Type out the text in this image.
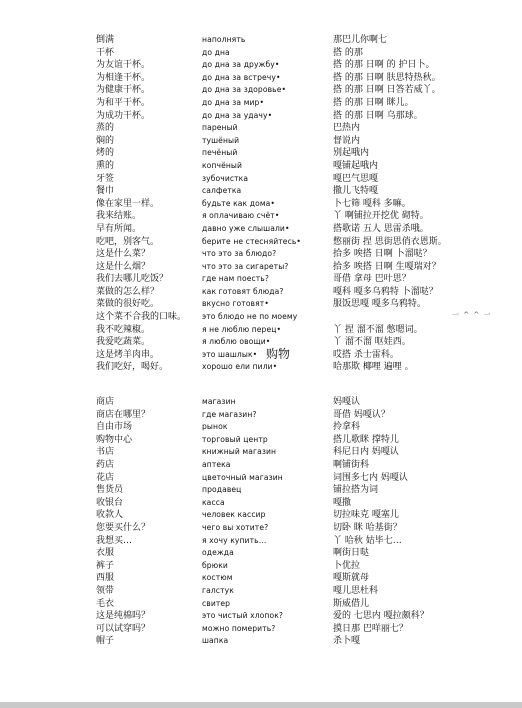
倒满
干杯
为友谊干杯。
为相逢干杯。
为健康干杯。
为和平干杯。
为成功干杯。
蒸的
焖的
烤的
熏的
牙签
餐巾
像在家里一样。
我来结账。
早有所闻。
吃吧，别客气。
这是什么菜？
这是什么烟？
我们去哪儿吃饭？
菜做的怎么样？
菜做的很好吃。
这个菜不合我的口味。
我不吃辣椒。
我爱吃蔬菜。
这是烤羊肉串。
我们吃好，喝好。
наполнять
до дна
до дна за дружбу•
до дна за встречу•
до дна за здоровье•
до дна за мир•
до дна за удачу•
пареный
тушёный
печёный
копчёный
зубочистка
салфетка
будьте как дома•
я оплачиваю счёт•
давно уже слышали•
берите не стесняйтесь•
что это за блюдо?
что это за сигареты?
где нам поесть?
как готовят блюда?
вкусно готовят•
это блюдо не по моему
я не люблю перец•
я люблю овощи•
это шашлык•
хорошо ели пили•
那巴儿你啊七
搭 的那
搭 的那 日啊 的 护日卜。
搭 的那 日啊 肤思特热秋。
搭 的那 日啊 日答若威丫。
搭 的那 日啊 眯儿。
搭 的那 日啊 乌那球。
巴热内
督说内
别起哦内
嘎铺起哦内
嘎巴气思嘎
撒儿飞特嘎
卜七筛 嘎科 多嘛。
丫 啊铺拉开挖优 砌特。
搭歌诺 五人 思雷杀哦。
憋丽街 捏 思街思俏衣恩斯。
拾多 唉搭 日啊 卜溜哒？
拾多 唉搭 日啊 生嘎瑞对？
哥借 拿母 巴叶思？
嘎科 嘎多乌鸦特 卜溜哒？
服饭思嘎 嘎多乌鸦特。
丫 捏 溜不溜 憋嗯词。
丫 溜不溜 呕娃西。
哎搭 杀士雷科。
哈那欺 椰哩 遍哩 。
一 ^ ^ 一
购物
商店
商店在哪里？
自由市场
购物中心
书店
药店
花店
售货员
收银台
收款人
您要买什么？
我想买…
衣服
裤子
西服
领带
毛衣
这是纯棉吗？
可以试穿吗？
帽子
магазин
где магазин?
рынок
торговый центр
книжный магазин
аптека
цветочный магазин
продавец
касса
человек кассир
чего вы хотите?
я хочу купить…
одежда
брюки
костюм
галстук
свитер
это чистый хлопок?
можно померить?
шапка
妈嘎认
哥借 妈嘎认？
拎拿科
搭儿歌眯 撑特儿
科尼日内 妈嘎认
啊铺街科
词围多七内 妈嘎认
铺拉搭为词
嘎撒
切拉味克 嘎塞儿
切卧 眯 哈基街？
丫 哈秋 姑毕七…
啊街日哒
卜优拉
嘎斯就母
嘎儿思杜科
斯威借儿
爱的 七思内 嘎拉颇科？
摸日那 巴咩丽七？
杀卜嘎
